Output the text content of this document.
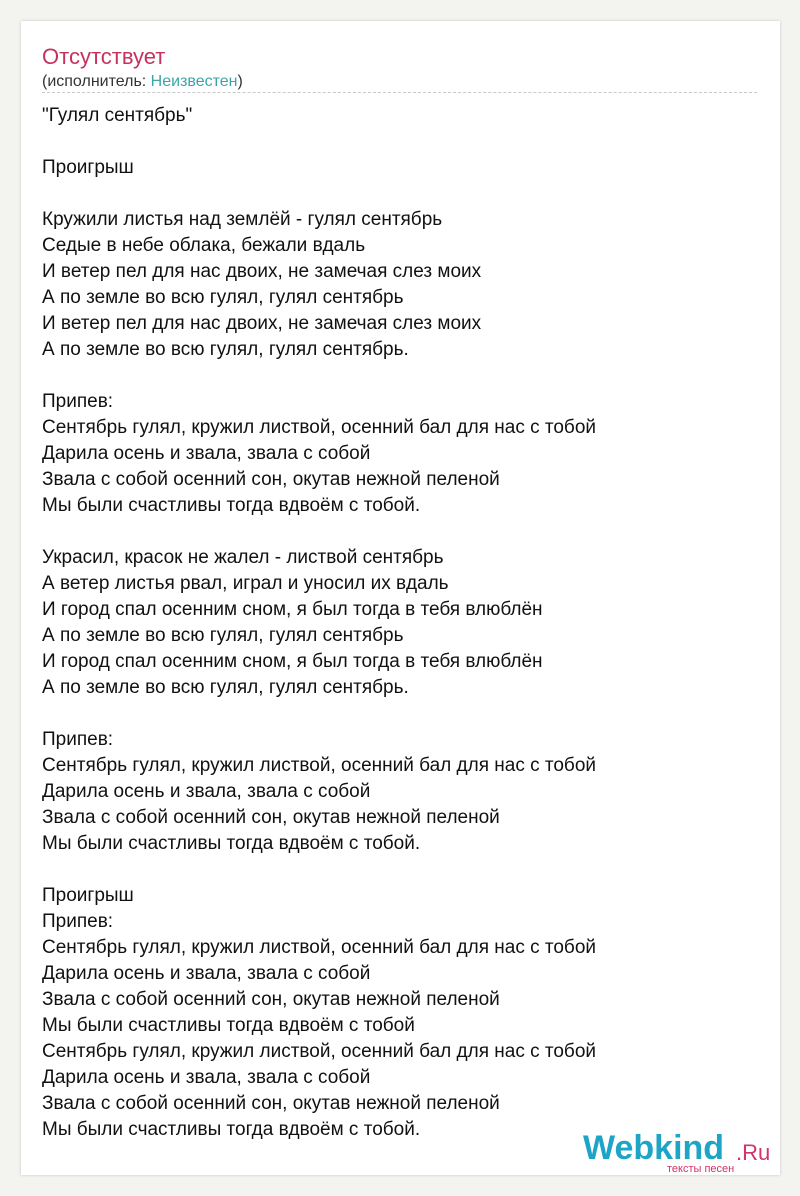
Отсутствует
(исполнитель: Неизвестен)
"Гулял сентябрь"
Проигрыш
Кружили листья над землёй - гулял сентябрь
Седые в небе облака, бежали вдаль
И ветер пел для нас двоих, не замечая слез моих
А по земле во всю гулял, гулял сентябрь
И ветер пел для нас двоих, не замечая слез моих
А по земле во всю гулял, гулял сентябрь.
Припев:
Сентябрь гулял, кружил листвой, осенний бал для нас с тобой
Дарила осень и звала, звала с собой
Звала с собой осенний сон, окутав нежной пеленой
Мы были счастливы тогда вдвоём с тобой.
Украсил, красок не жалел - листвой сентябрь
А ветер листья рвал, играл и уносил их вдаль
И город спал осенним сном, я был тогда в тебя влюблён
А по земле во всю гулял, гулял сентябрь
И город спал осенним сном, я был тогда в тебя влюблён
А по земле во всю гулял, гулял сентябрь.
Припев:
Сентябрь гулял, кружил листвой, осенний бал для нас с тобой
Дарила осень и звала, звала с собой
Звала с собой осенний сон, окутав нежной пеленой
Мы были счастливы тогда вдвоём с тобой.
Проигрыш
Припев:
Сентябрь гулял, кружил листвой, осенний бал для нас с тобой
Дарила осень и звала, звала с собой
Звала с собой осенний сон, окутав нежной пеленой
Мы были счастливы тогда вдвоём с тобой
Сентябрь гулял, кружил листвой, осенний бал для нас с тобой
Дарила осень и звала, звала с собой
Звала с собой осенний сон, окутав нежной пеленой
Мы были счастливы тогда вдвоём с тобой.	Webkind .Ru
тексты песен
